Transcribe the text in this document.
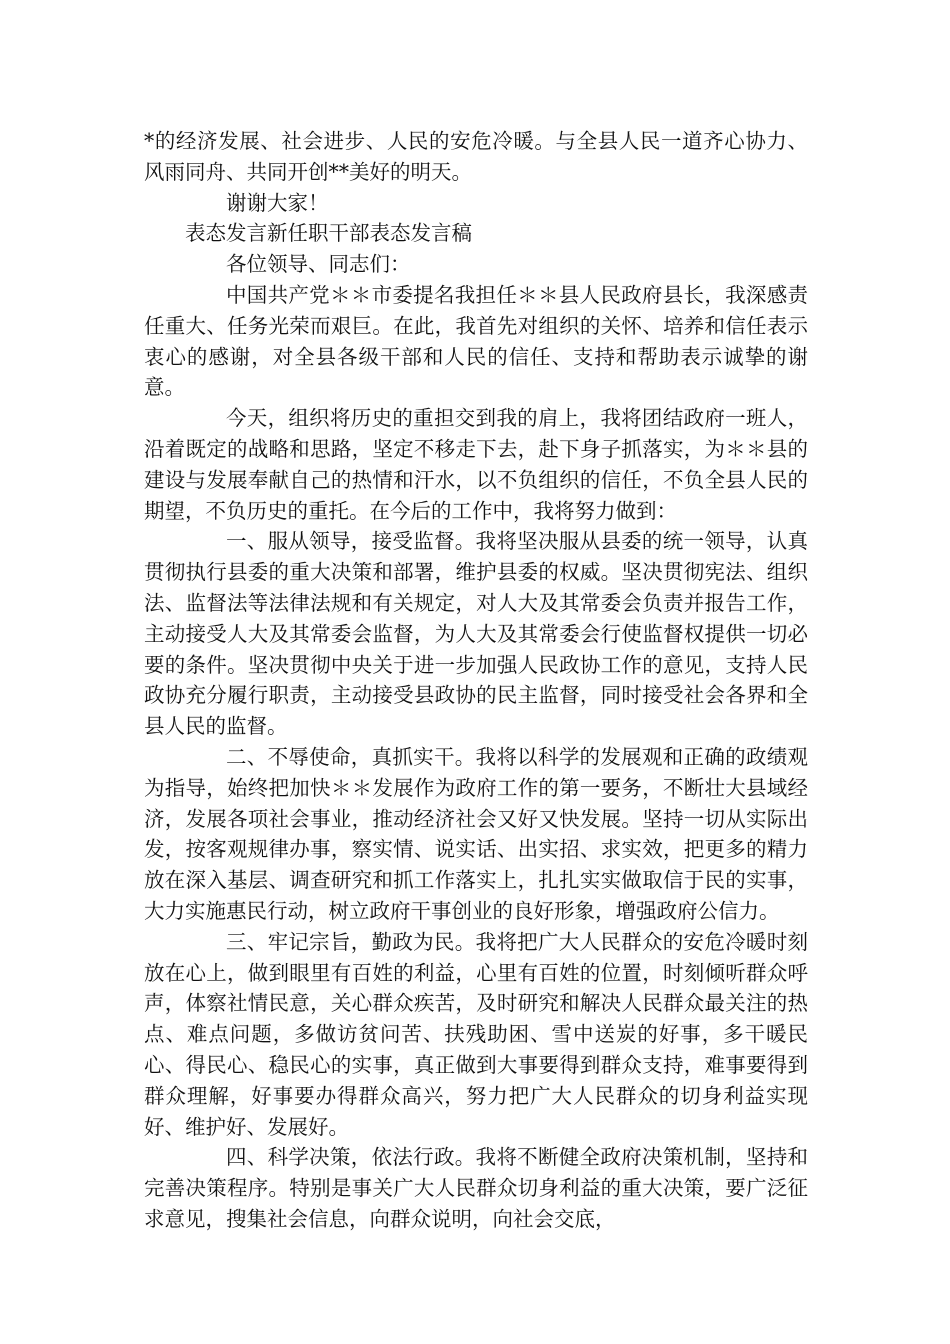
*的经济发展、社会进步、人民的安危冷暖。与全县人民一道齐心协力、风雨同舟、共同开创**美好的明天。

谢谢大家！

表态发言新任职干部表态发言稿

各位领导、同志们：

中国共产党＊＊市委提名我担任＊＊县人民政府县长，我深感责任重大、任务光荣而艰巨。在此，我首先对组织的关怀、培养和信任表示衷心的感谢，对全县各级干部和人民的信任、支持和帮助表示诚挚的谢意。

今天，组织将历史的重担交到我的肩上，我将团结政府一班人，沿着既定的战略和思路，坚定不移走下去，赴下身子抓落实，为＊＊县的建设与发展奉献自己的热情和汗水，以不负组织的信任，不负全县人民的期望，不负历史的重托。在今后的工作中，我将努力做到：

一、服从领导，接受监督。我将坚决服从县委的统一领导，认真贯彻执行县委的重大决策和部署，维护县委的权威。坚决贯彻宪法、组织法、监督法等法律法规和有关规定，对人大及其常委会负责并报告工作，主动接受人大及其常委会监督，为人大及其常委会行使监督权提供一切必要的条件。坚决贯彻中央关于进一步加强人民政协工作的意见，支持人民政协充分履行职责，主动接受县政协的民主监督，同时接受社会各界和全县人民的监督。

二、不辱使命，真抓实干。我将以科学的发展观和正确的政绩观为指导，始终把加快＊＊发展作为政府工作的第一要务，不断壮大县域经济，发展各项社会事业，推动经济社会又好又快发展。坚持一切从实际出发，按客观规律办事，察实情、说实话、出实招、求实效，把更多的精力放在深入基层、调查研究和抓工作落实上，扎扎实实做取信于民的实事，大力实施惠民行动，树立政府干事创业的良好形象，增强政府公信力。

三、牢记宗旨，勤政为民。我将把广大人民群众的安危冷暖时刻放在心上，做到眼里有百姓的利益，心里有百姓的位置，时刻倾听群众呼声，体察社情民意，关心群众疾苦，及时研究和解决人民群众最关注的热点、难点问题，多做访贫问苦、扶残助困、雪中送炭的好事，多干暖民心、得民心、稳民心的实事，真正做到大事要得到群众支持，难事要得到群众理解，好事要办得群众高兴，努力把广大人民群众的切身利益实现好、维护好、发展好。

四、科学决策，依法行政。我将不断健全政府决策机制，坚持和完善决策程序。特别是事关广大人民群众切身利益的重大决策，要广泛征求意见，搜集社会信息，向群众说明，向社会交底，
